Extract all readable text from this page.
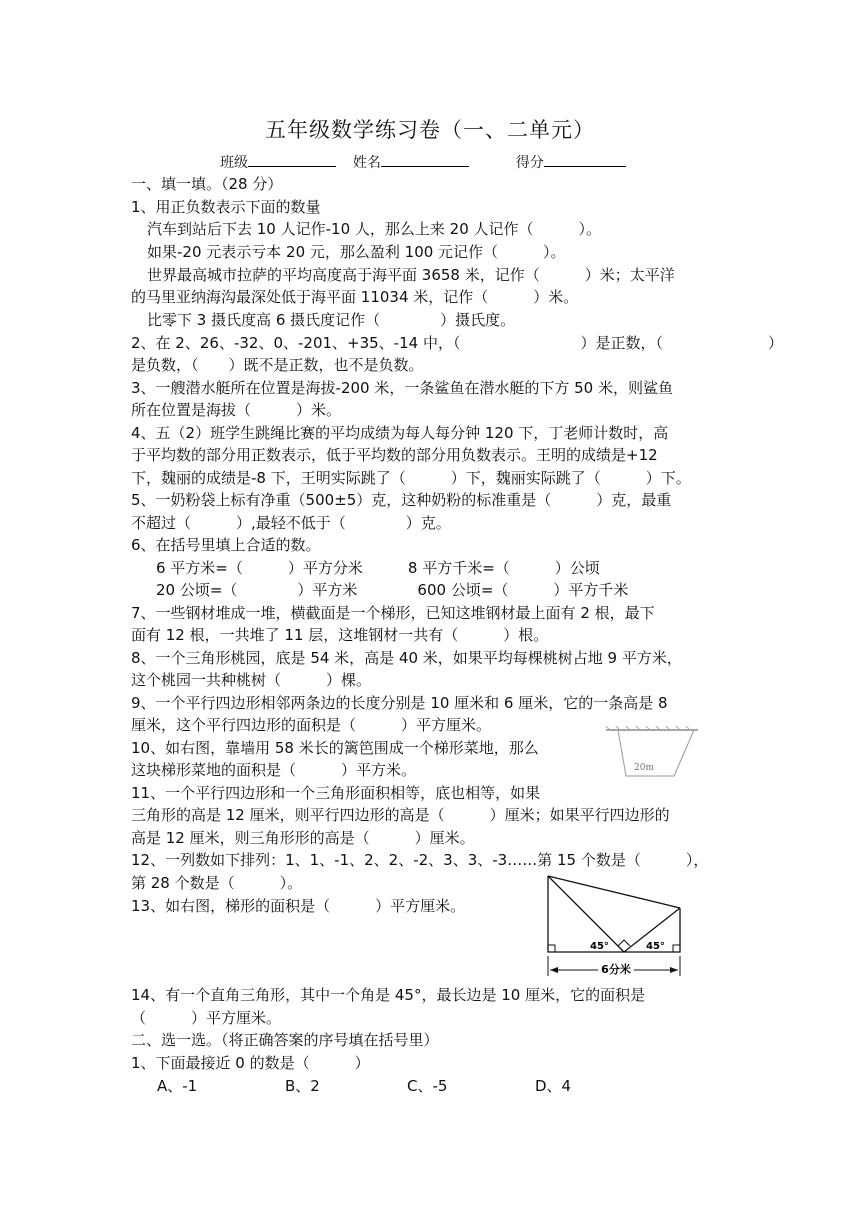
五年级数学练习卷（一、二单元）
班级	姓名	得分
一、填一填。（28 分）
1、用正负数表示下面的数量
汽车到站后下去 10 人记作-10 人，那么上来 20 人记作（　　　）。
如果-20 元表示亏本 20 元，那么盈利 100 元记作（　　　）。
世界最高城市拉萨的平均高度高于海平面 3658 米，记作（　　　）米；太平洋
的马里亚纳海沟最深处低于海平面 11034 米，记作（　　　）米。
比零下 3 摄氏度高 6 摄氏度记作（　　　　）摄氏度。
2、在 2、26、-32、0、-201、+35、-14 中，（　　　　　　　　）是正数，（　　　　　　　）
是负数，（　　）既不是正数，也不是负数。
3、一艘潜水艇所在位置是海拔-200 米，一条鲨鱼在潜水艇的下方 50 米，则鲨鱼
所在位置是海拔（　　　）米。
4、五（2）班学生跳绳比赛的平均成绩为每人每分钟 120 下，丁老师计数时，高
于平均数的部分用正数表示，低于平均数的部分用负数表示。王明的成绩是+12
下，魏丽的成绩是-8 下，王明实际跳了（　　　）下，魏丽实际跳了（　　　）下。
5、一奶粉袋上标有净重（500±5）克，这种奶粉的标准重是（　　　）克，最重
不超过（　　　）,最轻不低于（　　　　）克。
6、在括号里填上合适的数。
6 平方米=（　　　）平方分米　　　8 平方千米=（　　　）公顷
20 公顷=（　　　　）平方米　　　　600 公顷=（　　　）平方千米
7、一些钢材堆成一堆，横截面是一个梯形，已知这堆钢材最上面有 2 根，最下
面有 12 根，一共堆了 11 层，这堆钢材一共有（　　　）根。
8、一个三角形桃园，底是 54 米，高是 40 米，如果平均每棵桃树占地 9 平方米，
这个桃园一共种桃树（　　　）棵。
9、一个平行四边形相邻两条边的长度分别是 10 厘米和 6 厘米，它的一条高是 8
厘米，这个平行四边形的面积是（　　　）平方厘米。
10、如右图，靠墙用 58 米长的篱笆围成一个梯形菜地，那么
这块梯形菜地的面积是（　　　）平方米。
11、一个平行四边形和一个三角形面积相等，底也相等，如果
三角形的高是 12 厘米，则平行四边形的高是（　　　）厘米；如果平行四边形的
高是 12 厘米，则三角形形的高是（　　　）厘米。
12、一列数如下排列：1、1、-1、2、2、-2、3、3、-3……第 15 个数是（　　　），
第 28 个数是（　　　）。
13、如右图，梯形的面积是（　　　）平方厘米。
14、有一个直角三角形，其中一个角是 45°，最长边是 10 厘米，它的面积是
（　　　）平方厘米。
二、选一选。（将正确答案的序号填在括号里）
1、下面最接近 0 的数是（　　　）
A、-1	B、2	C、-5	D、4
20m
45°	45°
6分米
